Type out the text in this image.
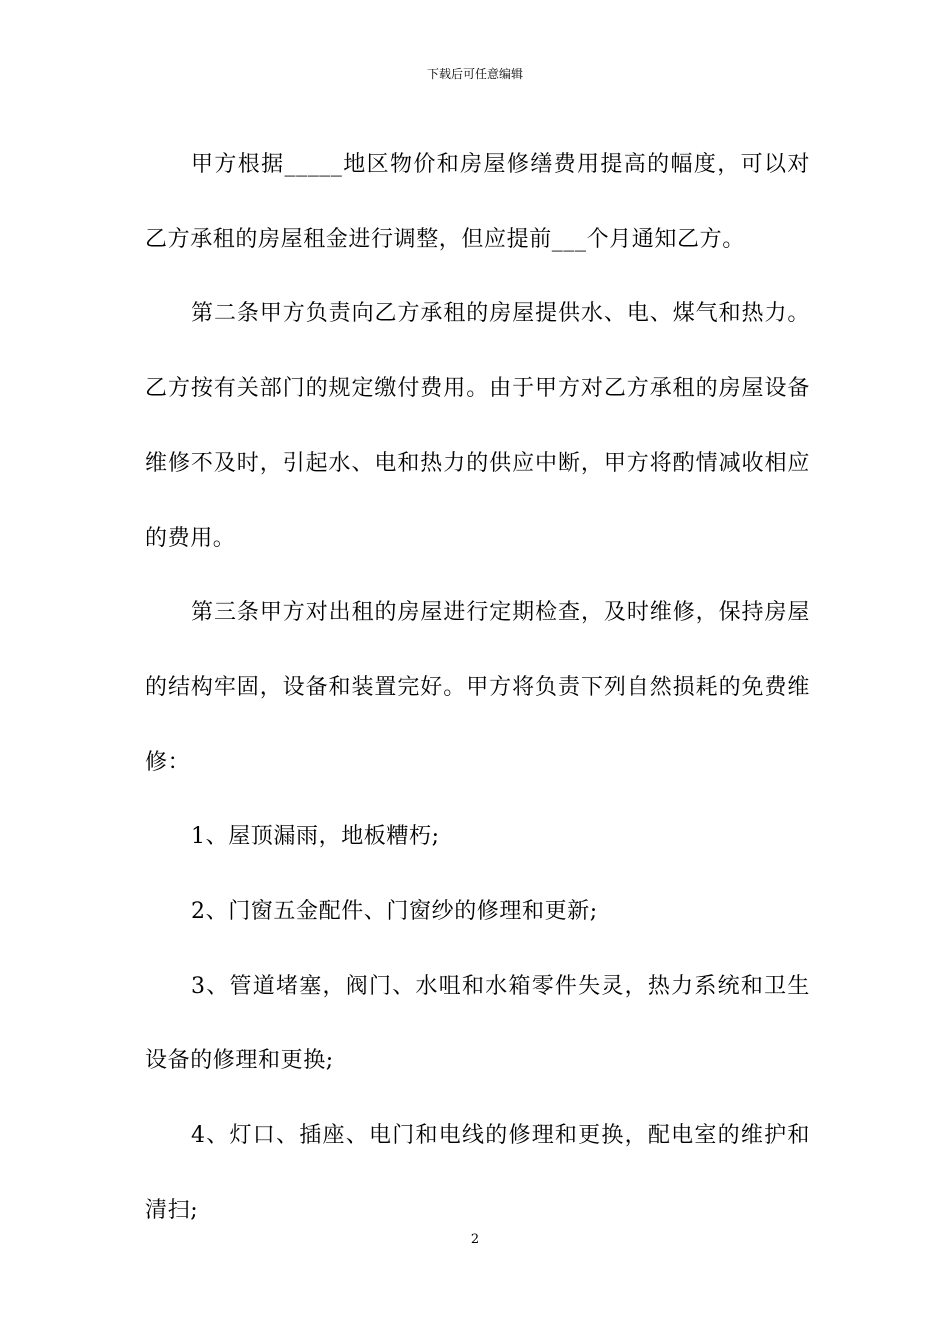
下载后可任意编辑

甲方根据_____地区物价和房屋修缮费用提高的幅度，可以对乙方承租的房屋租金进行调整，但应提前___个月通知乙方。

第二条甲方负责向乙方承租的房屋提供水、电、煤气和热力。乙方按有关部门的规定缴付费用。由于甲方对乙方承租的房屋设备维修不及时，引起水、电和热力的供应中断，甲方将酌情减收相应的费用。

第三条甲方对出租的房屋进行定期检查，及时维修，保持房屋的结构牢固，设备和装置完好。甲方将负责下列自然损耗的免费维修：

1、屋顶漏雨，地板糟朽;

2、门窗五金配件、门窗纱的修理和更新;

3、管道堵塞，阀门、水咀和水箱零件失灵，热力系统和卫生设备的修理和更换;

4、灯口、插座、电门和电线的修理和更换，配电室的维护和清扫;

2
